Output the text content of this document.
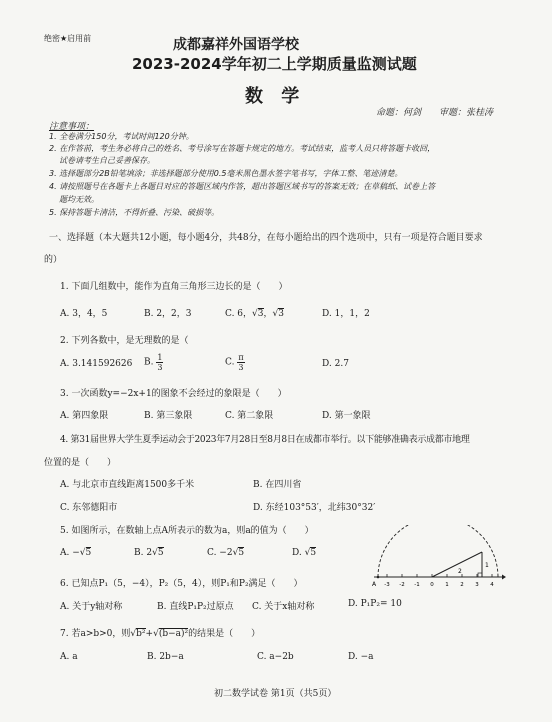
绝密★启用前	成都嘉祥外国语学校
2023-2024学年初二上学期质量监测试题
数 学
命题：何剑 审题：张桂涛
注意事项：
1. 全卷满分150分，考试时间120分钟。
2. 在作答前，考生务必将自己的姓名、考号涂写在答题卡规定的地方。考试结束，监考人员只将答题卡收回，
试卷请考生自己妥善保存。
3. 选择题部分2B铅笔填涂；非选择题部分使用0.5毫米黑色墨水签字笔书写，字体工整、笔迹清楚。
4. 请按照题号在各题卡上各题目对应的答题区域内作答，超出答题区域书写的答案无效；在草稿纸、试卷上答
题均无效。
5. 保持答题卡清洁，不得折叠、污染、破损等。
一、选择题（本大题共12小题，每小题4分，共48分，在每小题给出的四个选项中，只有一项是符合题目要求
的）
1. 下面几组数中，能作为直角三角形三边长的是（　　）
A. 3，4，5	B. 2，2，3	C. 6，√3，√3	D. 1，1，2
2. 下列各数中，是无理数的是（
A. 3.141592626 B. $\frac{1}{3}$	C. $\frac{\pi}{3}$	D. 2.7
3. 一次函数y=−2x+1的图象不会经过的象限是（　　）
A. 第四象限	B. 第三象限	C. 第二象限	D. 第一象限
4. 第31届世界大学生夏季运动会于2023年7月28日至8月8日在成都市举行。以下能够准确表示成都市地理
位置的是（　　）
A. 与北京市直线距离1500多千米	B. 在四川省
C. 东邻德阳市	D. 东经103°53′，北纬30°32′
5. 如图所示，在数轴上点A所表示的数为a，则a的值为（　　）
A. −√5	B. 2√5	C. −2√5	D. √5
A -3 -2 -1 0 1 2 3 4
1
2
6. 已知点P₁（5，−4），P₂（5，4），则P₁和P₂满足（　　）
A. 关于y轴对称	B. 直线P₁P₂过原点 C. 关于x轴对称	D. P₁P₂= 10
7. 若a>b>0，则√b²+√(b−a)²的结果是（　　）
A. a	B. 2b−a	C. a−2b	D. −a
初二数学试卷 第1页（共5页）
